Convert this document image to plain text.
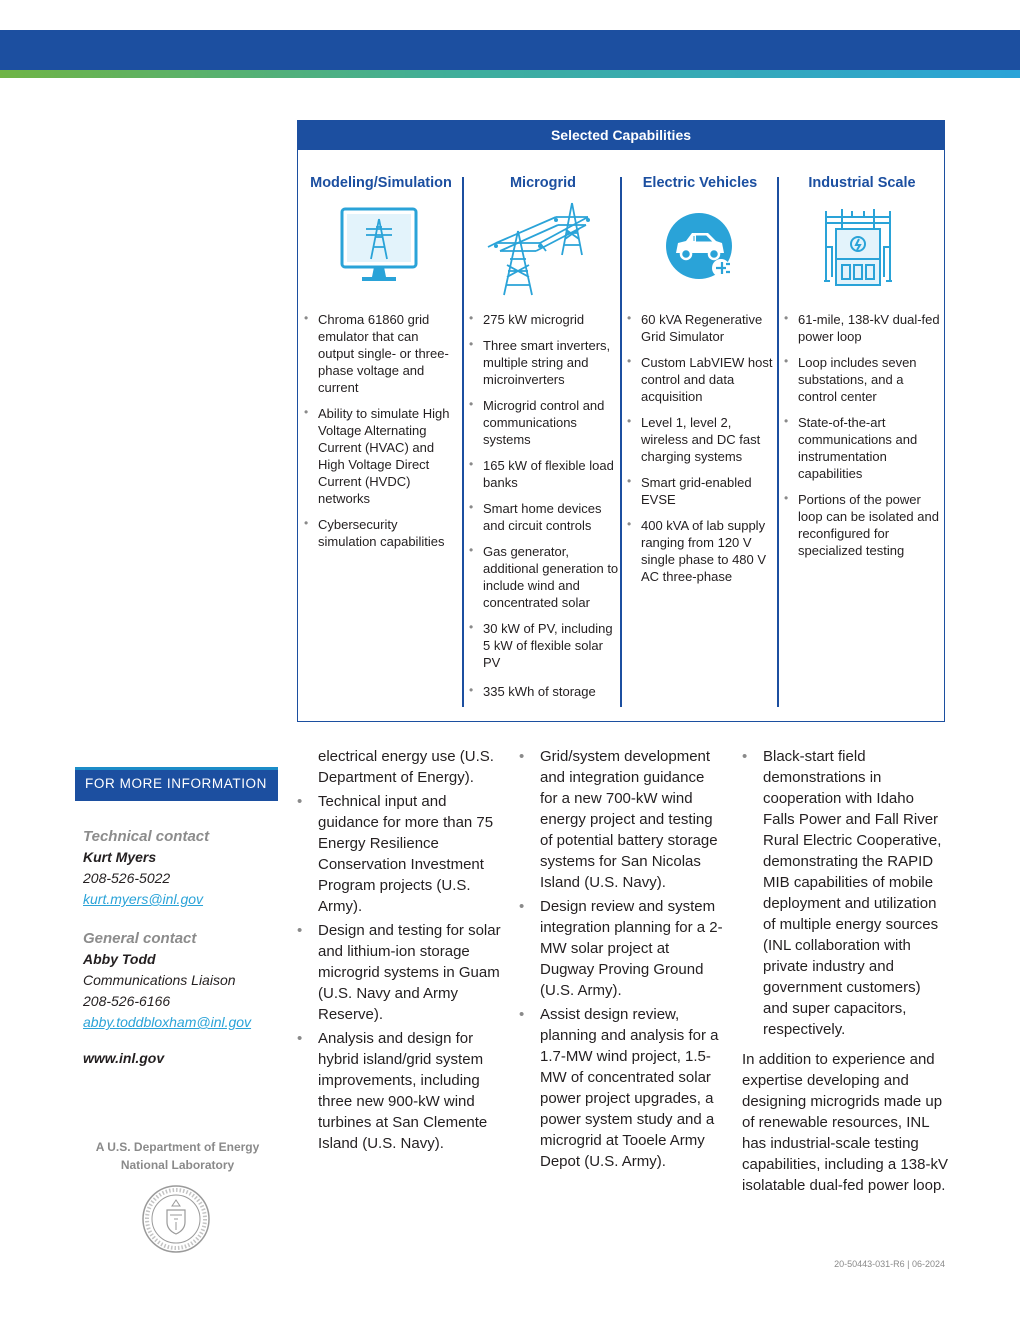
Selected Capabilities
Modeling/Simulation
• Chroma 61860 grid emulator that can output single- or three-phase voltage and current
• Ability to simulate High Voltage Alternating Current (HVAC) and High Voltage Direct Current (HVDC) networks
• Cybersecurity simulation capabilities
Microgrid
• 275 kW microgrid
• Three smart inverters, multiple string and microinverters
• Microgrid control and communications systems
• 165 kW of flexible load banks
• Smart home devices and circuit controls
• Gas generator, additional generation to include wind and concentrated solar
• 30 kW of PV, including 5 kW of flexible solar PV
• 335 kWh of storage
Electric Vehicles
• 60 kVA Regenerative Grid Simulator
• Custom LabVIEW host control and data acquisition
• Level 1, level 2, wireless and DC fast charging systems
• Smart grid-enabled EVSE
• 400 kVA of lab supply ranging from 120 V single phase to 480 V AC three-phase
Industrial Scale
• 61-mile, 138-kV dual-fed power loop
• Loop includes seven substations, and a control center
• State-of-the-art communications and instrumentation capabilities
• Portions of the power loop can be isolated and reconfigured for specialized testing
FOR MORE INFORMATION
Technical contact
Kurt Myers
208-526-5022
kurt.myers@inl.gov
General contact
Abby Todd
Communications Liaison
208-526-6166
abby.toddbloxham@inl.gov
www.inl.gov
A U.S. Department of Energy
National Laboratory
electrical energy use (U.S. Department of Energy).
• Technical input and guidance for more than 75 Energy Resilience Conservation Investment Program projects (U.S. Army).
• Design and testing for solar and lithium-ion storage microgrid systems in Guam (U.S. Navy and Army Reserve).
• Analysis and design for hybrid island/grid system improvements, including three new 900-kW wind turbines at San Clemente Island (U.S. Navy).
• Grid/system development and integration guidance for a new 700-kW wind energy project and testing of potential battery storage systems for San Nicolas Island (U.S. Navy).
• Design review and system integration planning for a 2-MW solar project at Dugway Proving Ground (U.S. Army).
• Assist design review, planning and analysis for a 1.7-MW wind project, 1.5-MW of concentrated solar power project upgrades, a power system study and a microgrid at Tooele Army Depot (U.S. Army).
• Black-start field demonstrations in cooperation with Idaho Falls Power and Fall River Rural Electric Cooperative, demonstrating the RAPID MIB capabilities of mobile deployment and utilization of multiple energy sources (INL collaboration with private industry and government customers) and super capacitors, respectively.

In addition to experience and expertise developing and designing microgrids made up of renewable resources, INL has industrial-scale testing capabilities, including a 138-kV isolatable dual-fed power loop.

20-50443-031-R6 | 06-2024
